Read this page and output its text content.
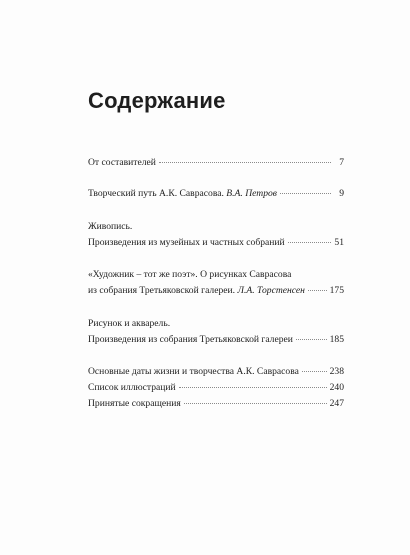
Содержание
От составителей	7
Творческий путь А.К. Саврасова. В.А. Петров	9
Живопись.
Произведения из музейных и частных собраний	51
«Художник – тот же поэт». О рисунках Саврасова
из собрания Третьяковской галереи. Л.А. Торстенсен	175
Рисунок и акварель.
Произведения из собрания Третьяковской галереи	185
Основные даты жизни и творчества А.К. Саврасова	238
Список иллюстраций	240
Принятые сокращения	247
